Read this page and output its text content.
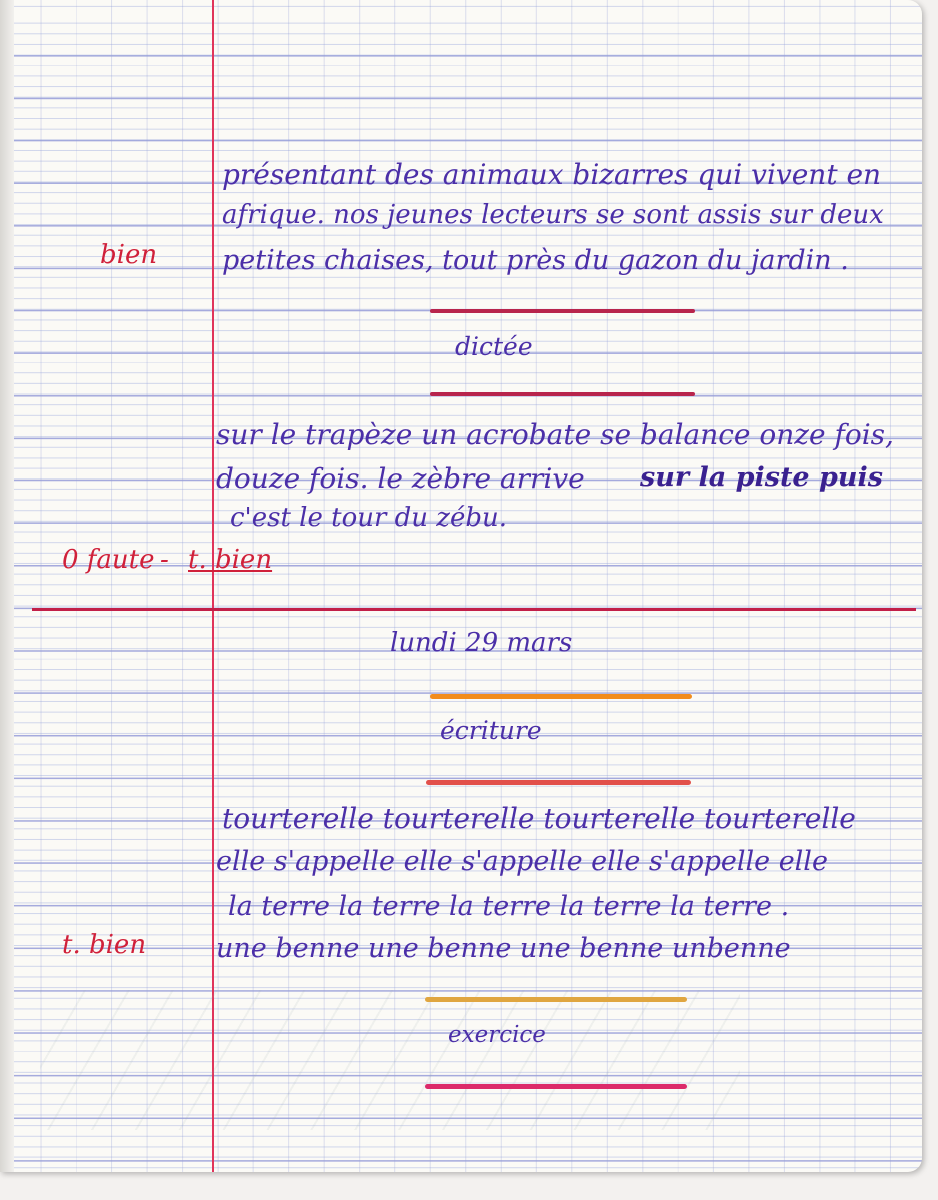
présentant des animaux bizarres qui vivent en
afrique. nos jeunes lecteurs se sont assis sur deux
petites chaises, tout près du gazon du jardin .
bien
dictée
sur le trapèze un acrobate se balance onze fois,
douze fois. le zèbre arrive sur la piste puis
c'est le tour du zébu.
0 faute - t. bien
lundi 29 mars
écriture
tourterelle tourterelle tourterelle tourterelle
elle s'appelle elle s'appelle elle s'appelle elle
la terre la terre la terre la terre la terre .
une benne une benne une benne unbenne
t. bien
exercice
